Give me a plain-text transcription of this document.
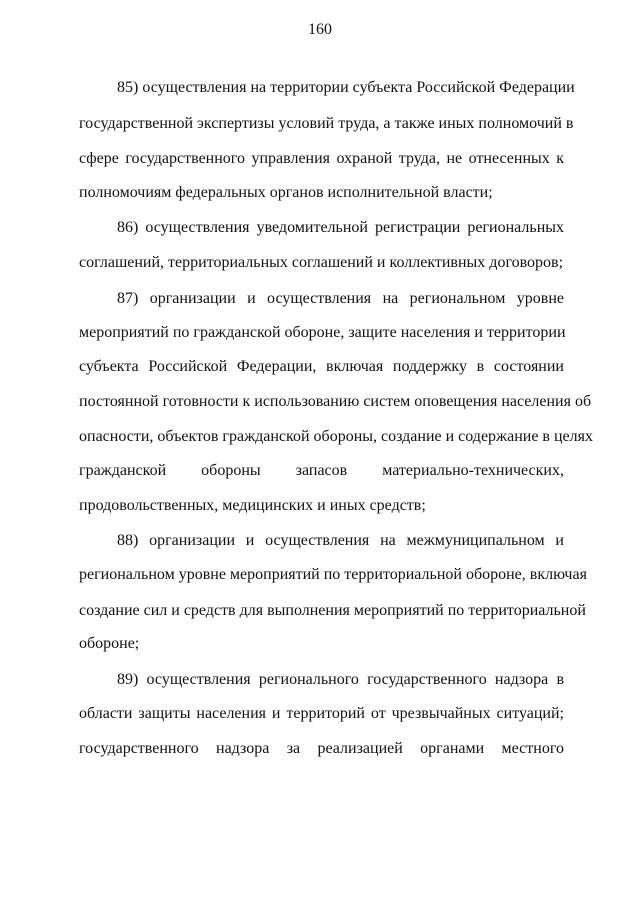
160
85) осуществления на территории субъекта Российской Федерации
государственной экспертизы условий труда, а также иных полномочий в
сфере государственного управления охраной труда, не отнесенных к
полномочиям федеральных органов исполнительной власти;
86) осуществления уведомительной регистрации региональных
соглашений, территориальных соглашений и коллективных договоров;
87) организации и осуществления на региональном уровне
мероприятий по гражданской обороне, защите населения и территории
субъекта Российской Федерации, включая поддержку в состоянии
постоянной готовности к использованию систем оповещения населения об
опасности, объектов гражданской обороны, создание и содержание в целях
гражданской обороны запасов материально-технических,
продовольственных, медицинских и иных средств;
88) организации и осуществления на межмуниципальном и
региональном уровне мероприятий по территориальной обороне, включая
создание сил и средств для выполнения мероприятий по территориальной
обороне;
89) осуществления регионального государственного надзора в
области защиты населения и территорий от чрезвычайных ситуаций;
государственного надзора за реализацией органами местного
